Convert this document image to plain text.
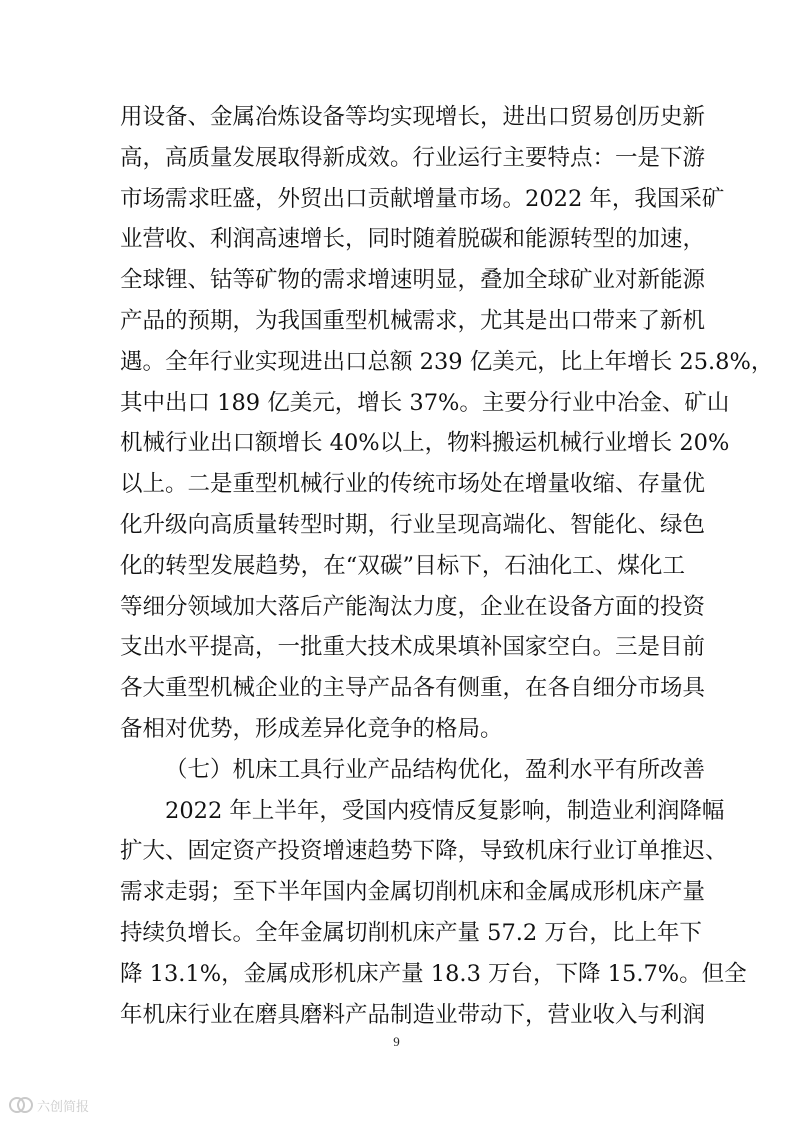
用设备、金属冶炼设备等均实现增长，进出口贸易创历史新
高，高质量发展取得新成效。行业运行主要特点：一是下游
市场需求旺盛，外贸出口贡献增量市场。2022 年，我国采矿
业营收、利润高速增长，同时随着脱碳和能源转型的加速，
全球锂、钴等矿物的需求增速明显，叠加全球矿业对新能源
产品的预期，为我国重型机械需求，尤其是出口带来了新机
遇。全年行业实现进出口总额 239 亿美元，比上年增长 25.8%，
其中出口 189 亿美元，增长 37%。主要分行业中冶金、矿山
机械行业出口额增长 40%以上，物料搬运机械行业增长 20%
以上。二是重型机械行业的传统市场处在增量收缩、存量优
化升级向高质量转型时期，行业呈现高端化、智能化、绿色
化的转型发展趋势，在“双碳”目标下，石油化工、煤化工
等细分领域加大落后产能淘汰力度，企业在设备方面的投资
支出水平提高，一批重大技术成果填补国家空白。三是目前
各大重型机械企业的主导产品各有侧重，在各自细分市场具
备相对优势，形成差异化竞争的格局。
（七）机床工具行业产品结构优化，盈利水平有所改善
2022 年上半年，受国内疫情反复影响，制造业利润降幅
扩大、固定资产投资增速趋势下降，导致机床行业订单推迟、
需求走弱；至下半年国内金属切削机床和金属成形机床产量
持续负增长。全年金属切削机床产量 57.2 万台，比上年下
降 13.1%，金属成形机床产量 18.3 万台，下降 15.7%。但全
年机床行业在磨具磨料产品制造业带动下，营业收入与利润
9
六创简报
